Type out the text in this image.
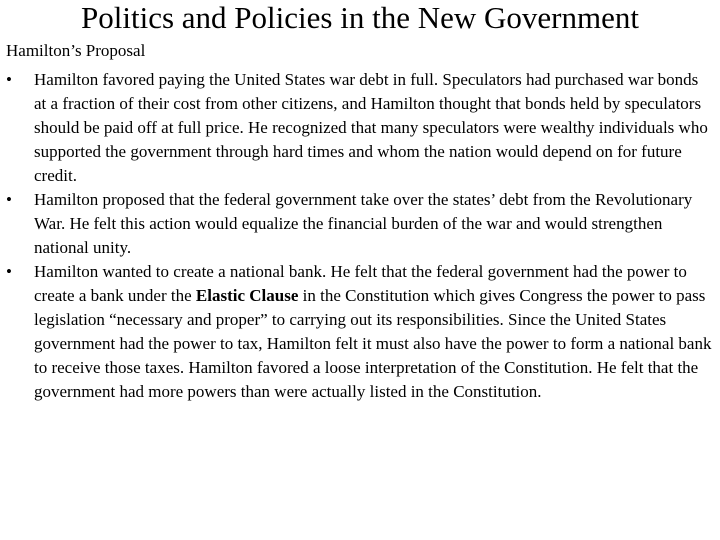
Politics and Policies in the New Government
Hamilton’s Proposal
•	Hamilton favored paying the United States war debt in full. Speculators had purchased war bonds at a fraction of their cost from other citizens, and Hamilton thought that bonds held by speculators should be paid off at full price. He recognized that many speculators were wealthy individuals who supported the government through hard times and whom the nation would depend on for future credit.
•	Hamilton proposed that the federal government take over the states’ debt from the Revolutionary War. He felt this action would equalize the financial burden of the war and would strengthen national unity.
•	Hamilton wanted to create a national bank. He felt that the federal government had the power to create a bank under the Elastic Clause in the Constitution which gives Congress the power to pass legislation “necessary and proper” to carrying out its responsibilities. Since the United States government had the power to tax, Hamilton felt it must also have the power to form a national bank to receive those taxes. Hamilton favored a loose interpretation of the Constitution. He felt that the government had more powers than were actually listed in the Constitution.
